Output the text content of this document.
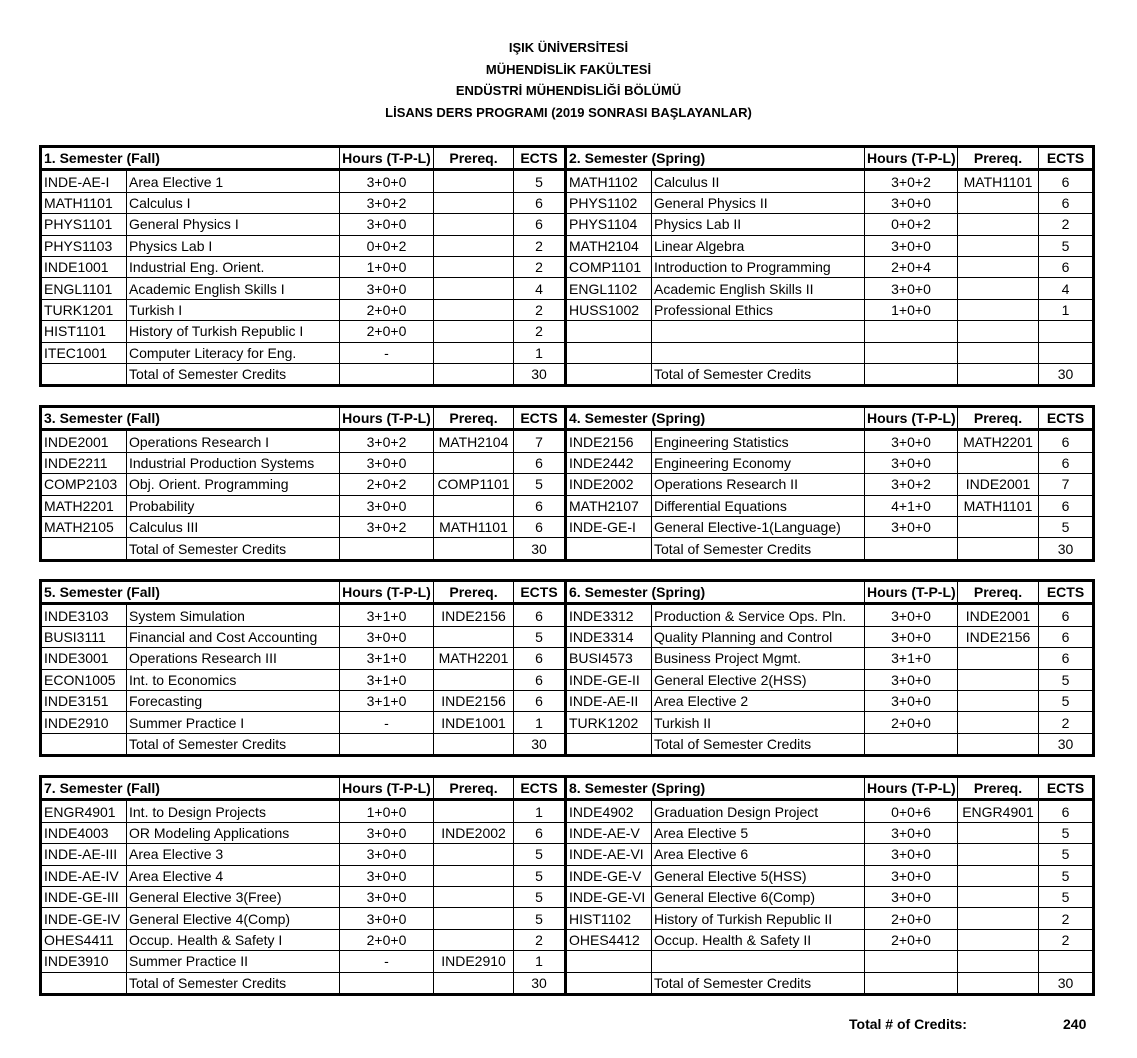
IŞIK ÜNİVERSİTESİ
MÜHENDİSLİK FAKÜLTESİ
ENDÜSTRİ MÜHENDİSLİĞİ BÖLÜMÜ
LİSANS DERS PROGRAMI (2019 SONRASI BAŞLAYANLAR)
1. Semester (Fall)		Hours (T-P-L)	Prereq.	ECTS	2. Semester (Spring)		Hours (T-P-L)	Prereq.	ECTS
INDE-AE-I	Area Elective 1	3+0+0		5	MATH1102	Calculus II	3+0+2	MATH1101	6
MATH1101	Calculus I	3+0+2		6	PHYS1102	General Physics II	3+0+0		6
PHYS1101	General Physics I	3+0+0		6	PHYS1104	Physics Lab II	0+0+2		2
PHYS1103	Physics Lab I	0+0+2		2	MATH2104	Linear Algebra	3+0+0		5
INDE1001	Industrial Eng. Orient.	1+0+0		2	COMP1101	Introduction to Programming	2+0+4		6
ENGL1101	Academic English Skills I	3+0+0		4	ENGL1102	Academic English Skills II	3+0+0		4
TURK1201	Turkish I	2+0+0		2	HUSS1002	Professional Ethics	1+0+0		1
HIST1101	History of Turkish Republic I	2+0+0		2					
ITEC1001	Computer Literacy for Eng.	-		1					
	Total of Semester Credits			30		Total of Semester Credits			30
3. Semester (Fall)		Hours (T-P-L)	Prereq.	ECTS	4. Semester (Spring)		Hours (T-P-L)	Prereq.	ECTS
INDE2001	Operations Research I	3+0+2	MATH2104	7	INDE2156	Engineering Statistics	3+0+0	MATH2201	6
INDE2211	Industrial Production Systems	3+0+0		6	INDE2442	Engineering Economy	3+0+0		6
COMP2103	Obj. Orient. Programming	2+0+2	COMP1101	5	INDE2002	Operations Research II	3+0+2	INDE2001	7
MATH2201	Probability	3+0+0		6	MATH2107	Differential Equations	4+1+0	MATH1101	6
MATH2105	Calculus III	3+0+2	MATH1101	6	INDE-GE-I	General Elective-1(Language)	3+0+0		5
	Total of Semester Credits			30		Total of Semester Credits			30
5. Semester (Fall)		Hours (T-P-L)	Prereq.	ECTS	6. Semester (Spring)		Hours (T-P-L)	Prereq.	ECTS
INDE3103	System Simulation	3+1+0	INDE2156	6	INDE3312	Production & Service Ops. Pln.	3+0+0	INDE2001	6
BUSI3111	Financial and Cost Accounting	3+0+0		5	INDE3314	Quality Planning and Control	3+0+0	INDE2156	6
INDE3001	Operations Research III	3+1+0	MATH2201	6	BUSI4573	Business Project Mgmt.	3+1+0		6
ECON1005	Int. to Economics	3+1+0		6	INDE-GE-II	General Elective 2(HSS)	3+0+0		5
INDE3151	Forecasting	3+1+0	INDE2156	6	INDE-AE-II	Area Elective 2	3+0+0		5
INDE2910	Summer Practice I	-	INDE1001	1	TURK1202	Turkish II	2+0+0		2
	Total of Semester Credits			30		Total of Semester Credits			30
7. Semester (Fall)		Hours (T-P-L)	Prereq.	ECTS	8. Semester (Spring)		Hours (T-P-L)	Prereq.	ECTS
ENGR4901	Int. to Design Projects	1+0+0		1	INDE4902	Graduation Design Project	0+0+6	ENGR4901	6
INDE4003	OR Modeling Applications	3+0+0	INDE2002	6	INDE-AE-V	Area Elective 5	3+0+0		5
INDE-AE-III	Area Elective 3	3+0+0		5	INDE-AE-VI	Area Elective 6	3+0+0		5
INDE-AE-IV	Area Elective 4	3+0+0		5	INDE-GE-V	General Elective 5(HSS)	3+0+0		5
INDE-GE-III	General Elective 3(Free)	3+0+0		5	INDE-GE-VI	General Elective 6(Comp)	3+0+0		5
INDE-GE-IV	General Elective 4(Comp)	3+0+0		5	HIST1102	History of Turkish Republic II	2+0+0		2
OHES4411	Occup. Health & Safety I	2+0+0		2	OHES4412	Occup. Health & Safety II	2+0+0		2
INDE3910	Summer Practice II	-	INDE2910	1					
	Total of Semester Credits			30		Total of Semester Credits			30
Total # of Credits:	240
